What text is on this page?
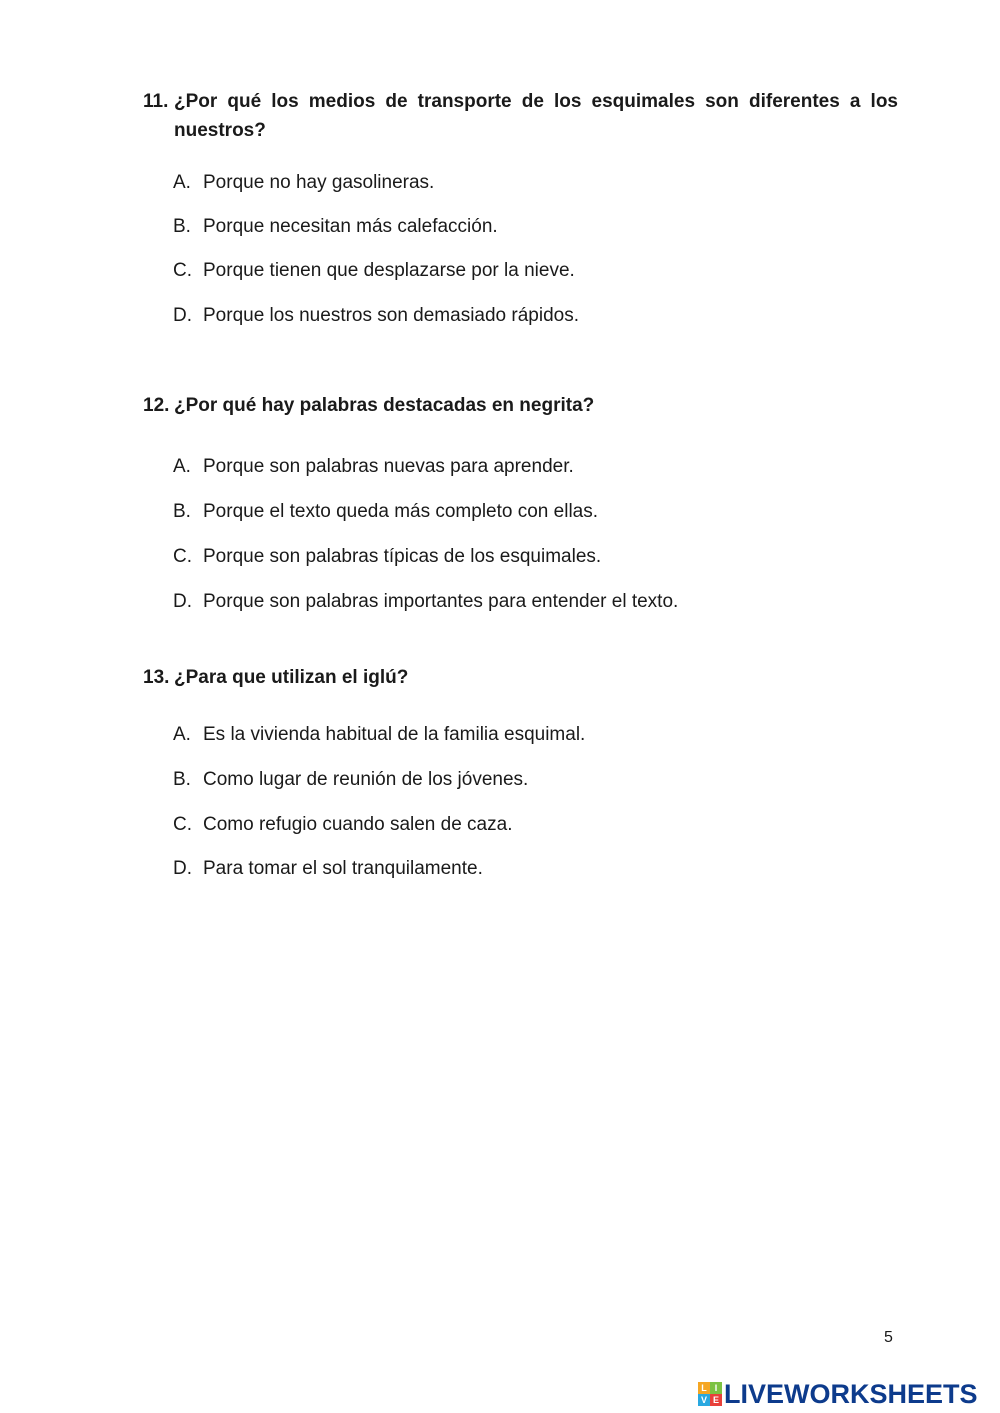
11. ¿Por qué los medios de transporte de los esquimales son diferentes a los nuestros?
A. Porque no hay gasolineras.
B. Porque necesitan más calefacción.
C. Porque tienen que desplazarse por la nieve.
D. Porque los nuestros son demasiado rápidos.
12. ¿Por qué hay palabras destacadas en negrita?
A. Porque son palabras nuevas para aprender.
B. Porque el texto queda más completo con ellas.
C. Porque son palabras típicas de los esquimales.
D. Porque son palabras importantes para entender el texto.
13. ¿Para que utilizan el iglú?
A. Es la vivienda habitual de la familia esquimal.
B. Como lugar de reunión de los jóvenes.
C. Como refugio cuando salen de caza.
D. Para tomar el sol tranquilamente.
5
L I
V E LIVEWORKSHEETS
